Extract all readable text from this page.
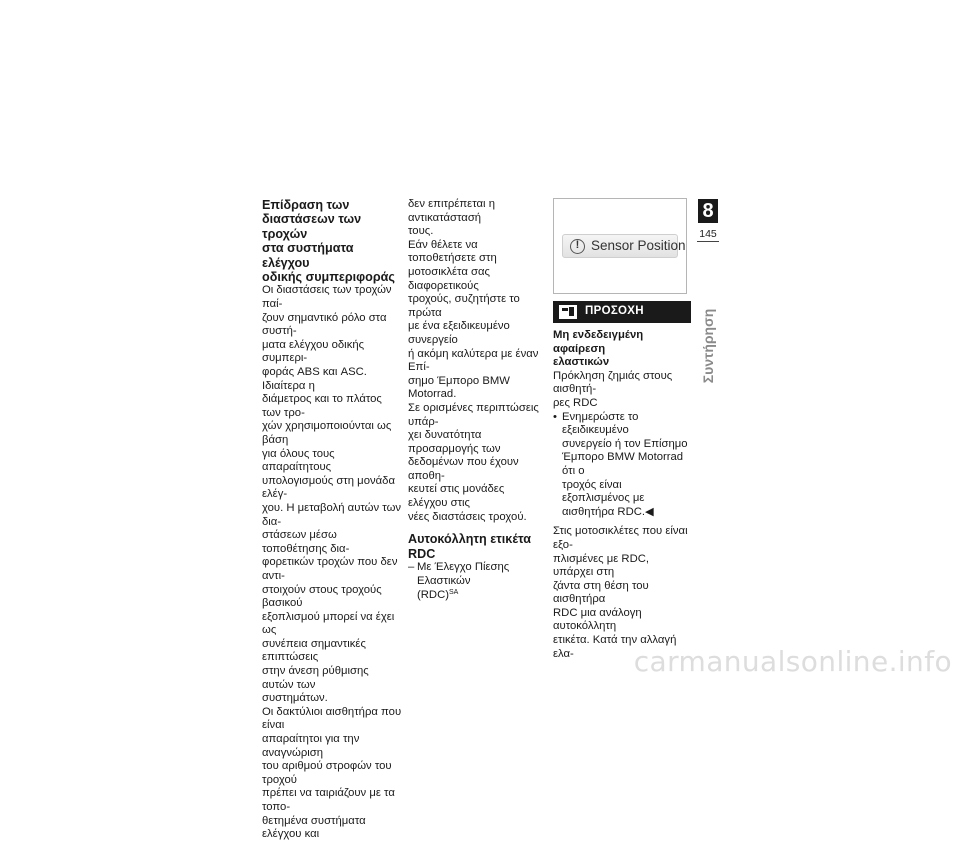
Επίδραση των
διαστάσεων των τροχών
στα συστήματα ελέγχου
οδικής συμπεριφοράς
Οι διαστάσεις των τροχών παί-
ζουν σημαντικό ρόλο στα συστή-
ματα ελέγχου οδικής συμπερι-
φοράς ABS και ASC. Ιδιαίτερα η
διάμετρος και το πλάτος των τρο-
χών χρησιμοποιούνται ως βάση
για όλους τους απαραίτητους
υπολογισμούς στη μονάδα ελέγ-
χου. Η μεταβολή αυτών των δια-
στάσεων μέσω τοποθέτησης δια-
φορετικών τροχών που δεν αντι-
στοιχούν στους τροχούς βασικού
εξοπλισμού μπορεί να έχει ως
συνέπεια σημαντικές επιπτώσεις
στην άνεση ρύθμισης αυτών των
συστημάτων.
Οι δακτύλιοι αισθητήρα που είναι
απαραίτητοι για την αναγνώριση
του αριθμού στροφών του τροχού
πρέπει να ταιριάζουν με τα τοπο-
θετημένα συστήματα ελέγχου και
δεν επιτρέπεται η αντικατάστασή
τους.
Εάν θέλετε να τοποθετήσετε στη
μοτοσικλέτα σας διαφορετικούς
τροχούς, συζητήστε το πρώτα
με ένα εξειδικευμένο συνεργείο
ή ακόμη καλύτερα με έναν Επί-
σημο Έμπορο BMW Motorrad.
Σε ορισμένες περιπτώσεις υπάρ-
χει δυνατότητα προσαρμογής των
δεδομένων που έχουν αποθη-
κευτεί στις μονάδες ελέγχου στις
νέες διαστάσεις τροχού.
Αυτοκόλλητη ετικέτα RDC
– Με Έλεγχο Πίεσης Ελαστικών
(RDC)$^{SA}$
! Sensor Position
ΠΡΟΣΟΧΗ
Μη ενδεδειγμένη αφαίρεση
ελαστικών
Πρόκληση ζημιάς στους αισθητή-
ρες RDC
• Ενημερώστε το εξειδικευμένο
συνεργείο ή τον Επίσημο
Έμπορο BMW Motorrad ότι ο
τροχός είναι εξοπλισμένος με
αισθητήρα RDC.◀
Στις μοτοσικλέτες που είναι εξο-
πλισμένες με RDC, υπάρχει στη
ζάντα στη θέση του αισθητήρα
RDC μια ανάλογη αυτοκόλλητη
ετικέτα. Κατά την αλλαγή ελα-
8
145
Συντήρηση
carmanualsonline.info
